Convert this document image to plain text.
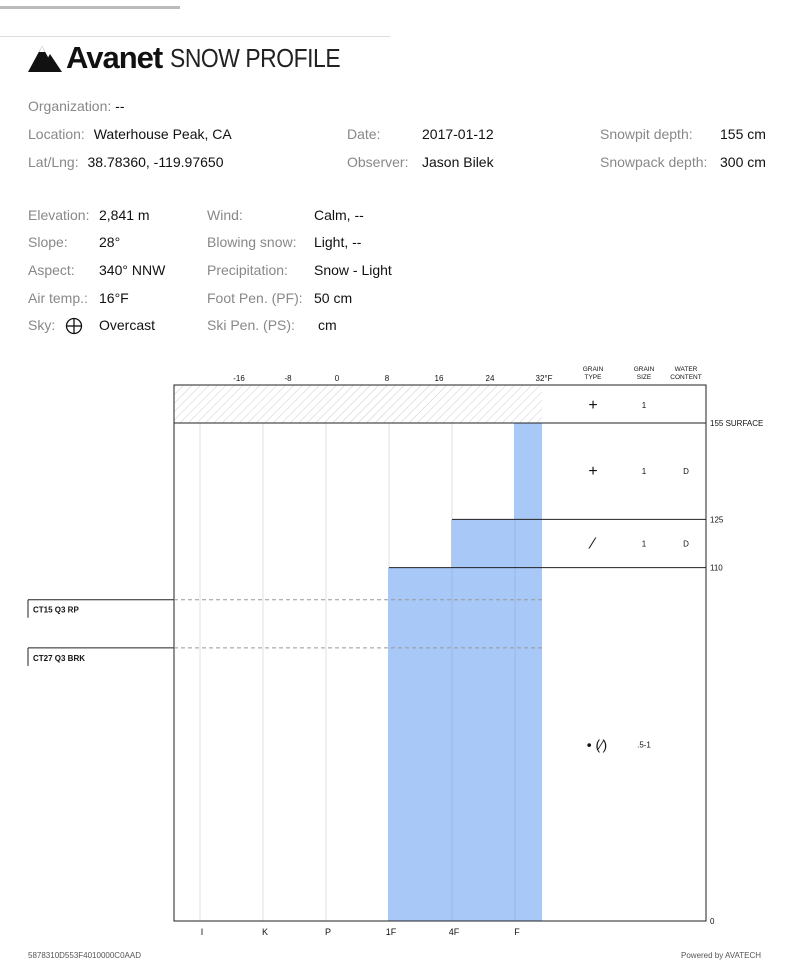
Avanet SNOW PROFILE
Organization: --
Location: Waterhouse Peak, CA
Lat/Lng: 38.78360, -119.97650
Date:	2017-01-12
Observer: Jason Bilek
Snowpit depth: 155 cm
Snowpack depth: 300 cm
Elevation: 2,841 m
Slope: 28°
Aspect: 340° NNW
Air temp.: 16°F
Sky:	Overcast
Wind:	Calm, --
Blowing snow: Light, --
Precipitation: Snow - Light
Foot Pen. (PF): 50 cm
Ski Pen. (PS): cm
CT15 Q3 RP
CT27 Q3 BRK
-16	-8	0	8	16	24	32°F
I	K	P	1F	4F	F
GRAIN TYPE
GRAIN SIZE
WATER CONTENT
+	1
155 SURFACE
+	1	D
⁄	1	D
• (⁄)	.5-1
125
110
0
5878310D553F4010000C0AAD	Powered by AVATECH
